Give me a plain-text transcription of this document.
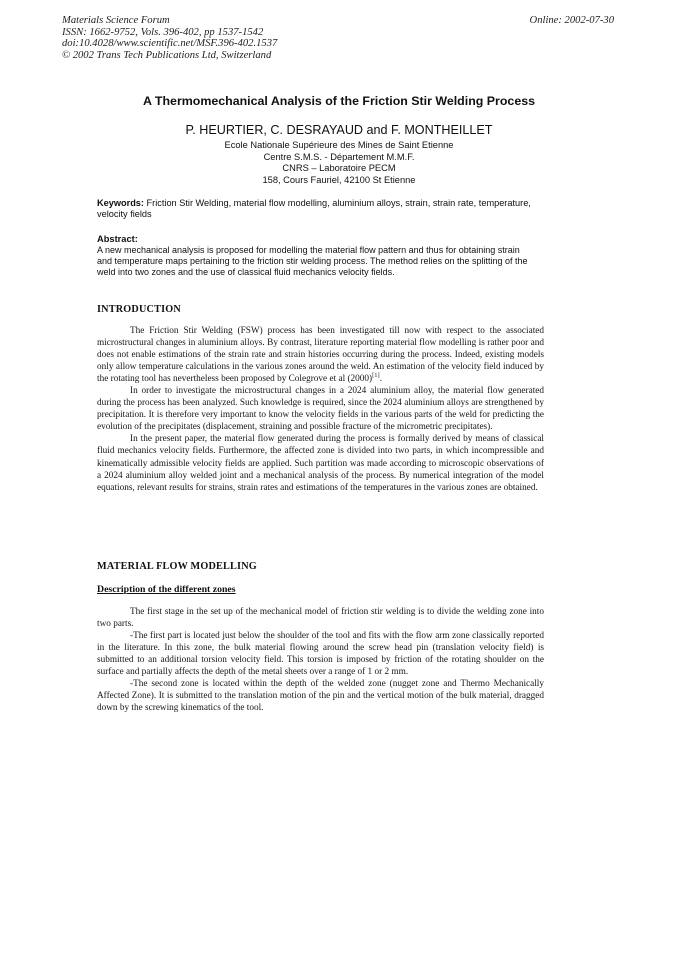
Materials Science Forum
ISSN: 1662-9752, Vols. 396-402, pp 1537-1542
doi:10.4028/www.scientific.net/MSF.396-402.1537
© 2002 Trans Tech Publications Ltd, Switzerland
Online: 2002-07-30
A Thermomechanical Analysis of the Friction Stir Welding Process
P. HEURTIER, C. DESRAYAUD and F. MONTHEILLET
Ecole Nationale Supérieure des Mines de Saint Etienne
Centre S.M.S. - Département M.M.F.
CNRS – Laboratoire PECM
158, Cours Fauriel, 42100 St Etienne
Keywords: Friction Stir Welding, material flow modelling, aluminium alloys, strain, strain rate, temperature, velocity fields
Abstract:
A new mechanical analysis is proposed for modelling the material flow pattern and thus for obtaining strain and temperature maps pertaining to the friction stir welding process. The method relies on the splitting of the weld into two zones and the use of classical fluid mechanics velocity fields.
INTRODUCTION

The Friction Stir Welding (FSW) process has been investigated till now with respect to the associated microstructural changes in aluminium alloys. By contrast, literature reporting material flow modelling is rather poor and does not enable estimations of the strain rate and strain histories occurring during the process. Indeed, existing models only allow temperature calculations in the various zones around the weld. An estimation of the velocity field induced by the rotating tool has nevertheless been proposed by Colegrove et al (2000)[1].

In order to investigate the microstructural changes in a 2024 aluminium alloy, the material flow generated during the process has been analyzed. Such knowledge is required, since the 2024 aluminium alloys are strengthened by precipitation. It is therefore very important to know the velocity fields in the various parts of the weld for predicting the evolution of the precipitates (displacement, straining and possible fracture of the micrometric precipitates).

In the present paper, the material flow generated during the process is formally derived by means of classical fluid mechanics velocity fields. Furthermore, the affected zone is divided into two parts, in which incompressible and kinematically admissible velocity fields are applied. Such partition was made according to microscopic observations of a 2024 aluminium alloy welded joint and a mechanical analysis of the process. By numerical integration of the model equations, relevant results for strains, strain rates and estimations of the temperatures in the various zones are obtained.

MATERIAL FLOW MODELLING
Description of the different zones

The first stage in the set up of the mechanical model of friction stir welding is to divide the welding zone into two parts.

-The first part is located just below the shoulder of the tool and fits with the flow arm zone classically reported in the literature. In this zone, the bulk material flowing around the screw head pin (translation velocity field) is submitted to an additional torsion velocity field. This torsion is imposed by friction of the rotating shoulder on the surface and partially affects the depth of the metal sheets over a range of 1 or 2 mm.

-The second zone is located within the depth of the welded zone (nugget zone and Thermo Mechanically Affected Zone). It is submitted to the translation motion of the pin and the vertical motion of the bulk material, dragged down by the screwing kinematics of the tool.
